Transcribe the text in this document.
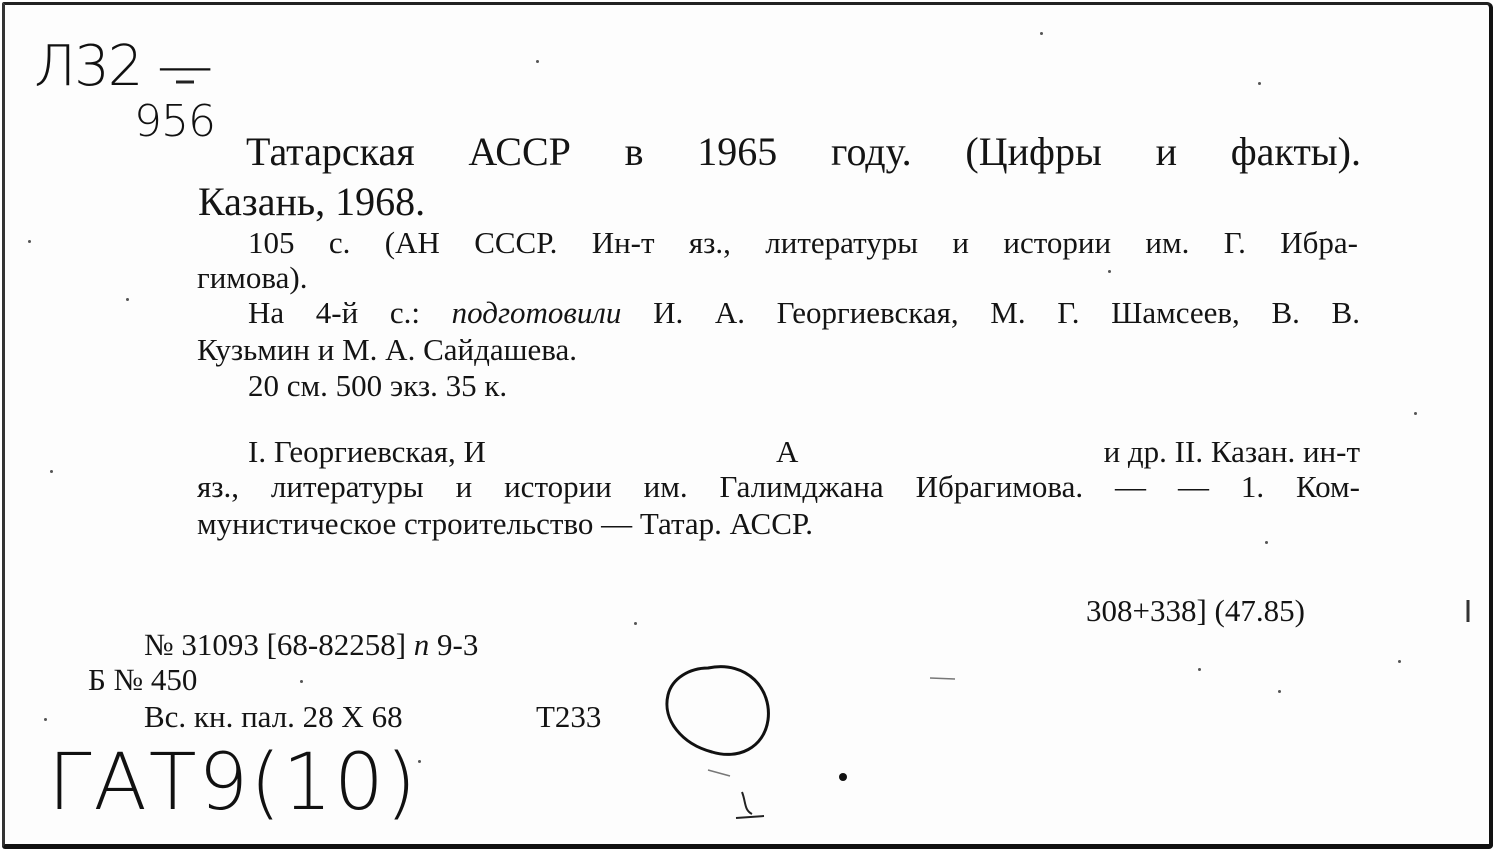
Л32 —
956
ГАТ9(10)
Татарская АССР в 1965 году. (Цифры и факты).
Казань, 1968.
105 с. (АН СССР. Ин-т яз., литературы и истории им. Г. Ибра-
гимова).
На 4-й с.: подготовили И. А. Георгиевская, М. Г. Шамсеев, В. В.
Кузьмин и М. А. Сайдашева.
20 см. 500 экз. 35 к.
I. Георгиевская, И	А	и др. II. Казан. ин-т
яз., литературы и истории им. Галимджана Ибрагимова. — — 1. Ком-
мунистическое строительство — Татар. АССР.
308+338] (47.85)
№ 31093 [68-82258] п 9-3
Б № 450
Вс. кн. пал. 28 X 68	Т233
